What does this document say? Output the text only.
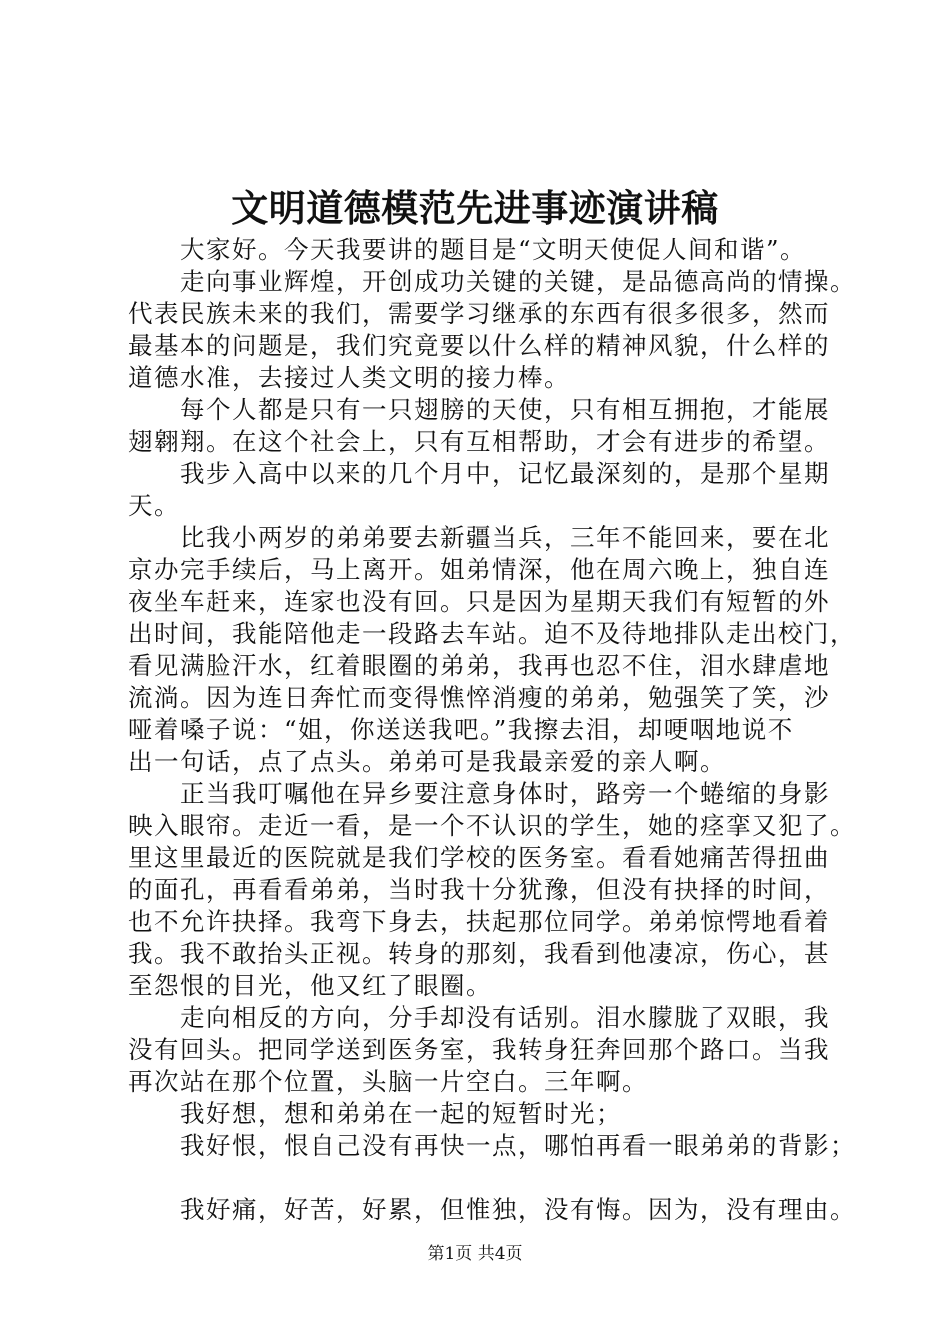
文明道德模范先进事迹演讲稿
大家好。今天我要讲的题目是“文明天使促人间和谐”。
走向事业辉煌，开创成功关键的关键，是品德高尚的情操。
代表民族未来的我们，需要学习继承的东西有很多很多，然而
最基本的问题是，我们究竟要以什么样的精神风貌，什么样的
道德水准，去接过人类文明的接力棒。
每个人都是只有一只翅膀的天使，只有相互拥抱，才能展
翅翱翔。在这个社会上，只有互相帮助，才会有进步的希望。
我步入高中以来的几个月中，记忆最深刻的，是那个星期
天。
比我小两岁的弟弟要去新疆当兵，三年不能回来，要在北
京办完手续后，马上离开。姐弟情深，他在周六晚上，独自连
夜坐车赶来，连家也没有回。只是因为星期天我们有短暂的外
出时间，我能陪他走一段路去车站。迫不及待地排队走出校门，
看见满脸汗水，红着眼圈的弟弟，我再也忍不住，泪水肆虐地
流淌。因为连日奔忙而变得憔悴消瘦的弟弟，勉强笑了笑，沙
哑着嗓子说：“姐，你送送我吧。”我擦去泪，却哽咽地说不
出一句话，点了点头。弟弟可是我最亲爱的亲人啊。
正当我叮嘱他在异乡要注意身体时，路旁一个蜷缩的身影
映入眼帘。走近一看，是一个不认识的学生，她的痉挛又犯了。
里这里最近的医院就是我们学校的医务室。看看她痛苦得扭曲
的面孔，再看看弟弟，当时我十分犹豫，但没有抉择的时间，
也不允许抉择。我弯下身去，扶起那位同学。弟弟惊愕地看着
我。我不敢抬头正视。转身的那刻，我看到他凄凉，伤心，甚
至怨恨的目光，他又红了眼圈。
走向相反的方向，分手却没有话别。泪水朦胧了双眼，我
没有回头。把同学送到医务室，我转身狂奔回那个路口。当我
再次站在那个位置，头脑一片空白。三年啊。
我好想，想和弟弟在一起的短暂时光；
我好恨，恨自己没有再快一点，哪怕再看一眼弟弟的背影；
我好痛，好苦，好累，但惟独，没有悔。因为，没有理由。
第1页 共4页
